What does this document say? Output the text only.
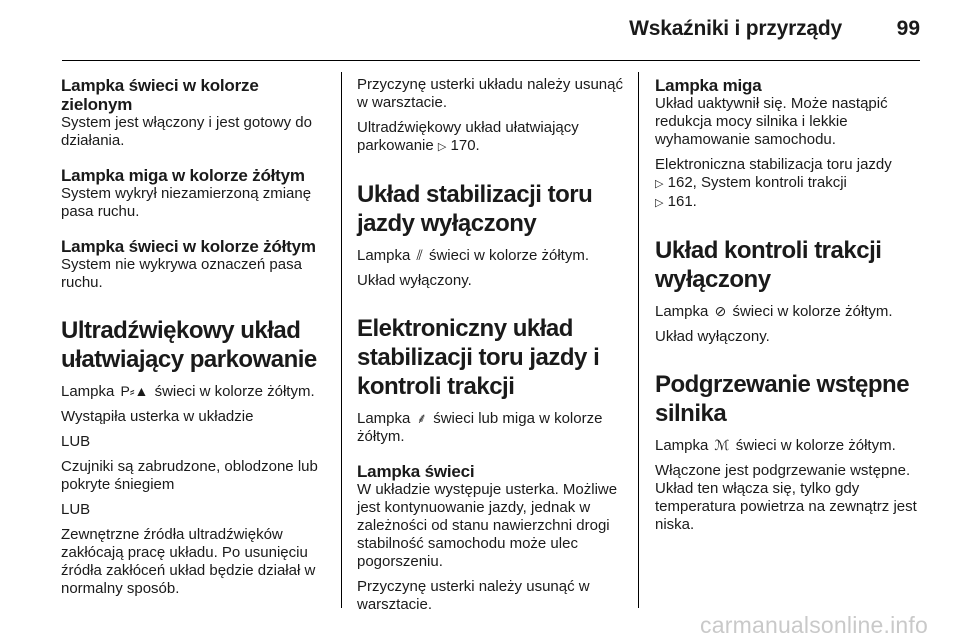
Wskaźniki i przyrządy	99
Lampka świeci w kolorze zielonym

System jest włączony i jest gotowy do działania.

Lampka miga w kolorze żółtym

System wykrył niezamierzoną zmianę pasa ruchu.

Lampka świeci w kolorze żółtym

System nie wykrywa oznaczeń pasa ruchu.

Ultradźwiękowy układ ułatwiający parkowanie

Lampka P⸗▲ świeci w kolorze żółtym.

Wystąpiła usterka w układzie

LUB

Czujniki są zabrudzone, oblodzone lub pokryte śniegiem

LUB

Zewnętrzne źródła ultradźwięków zakłócają pracę układu. Po usunięciu źródła zakłóceń układ będzie działał w normalny sposób.

Przyczynę usterki układu należy usunąć w warsztacie.

Ultradźwiękowy układ ułatwiający parkowanie ▷ 170.

Układ stabilizacji toru jazdy wyłączony

Lampka ⫽ świeci w kolorze żółtym.

Układ wyłączony.

Elektroniczny układ stabilizacji toru jazdy i kontroli trakcji

Lampka ⸙ świeci lub miga w kolorze żółtym.

Lampka świeci

W układzie występuje usterka. Możliwe jest kontynuowanie jazdy, jednak w zależności od stanu nawierzchni drogi stabilność samochodu może ulec pogorszeniu.

Przyczynę usterki należy usunąć w warsztacie.

Lampka miga

Układ uaktywnił się. Może nastąpić redukcja mocy silnika i lekkie wyhamowanie samochodu.

Elektroniczna stabilizacja toru jazdy
▷ 162, System kontroli trakcji
▷ 161.

Układ kontroli trakcji wyłączony

Lampka ⊘ świeci w kolorze żółtym.

Układ wyłączony.

Podgrzewanie wstępne silnika

Lampka ℳ świeci w kolorze żółtym.

Włączone jest podgrzewanie wstępne. Układ ten włącza się, tylko gdy temperatura powietrza na zewnątrz jest niska.

carmanualsonline.info
